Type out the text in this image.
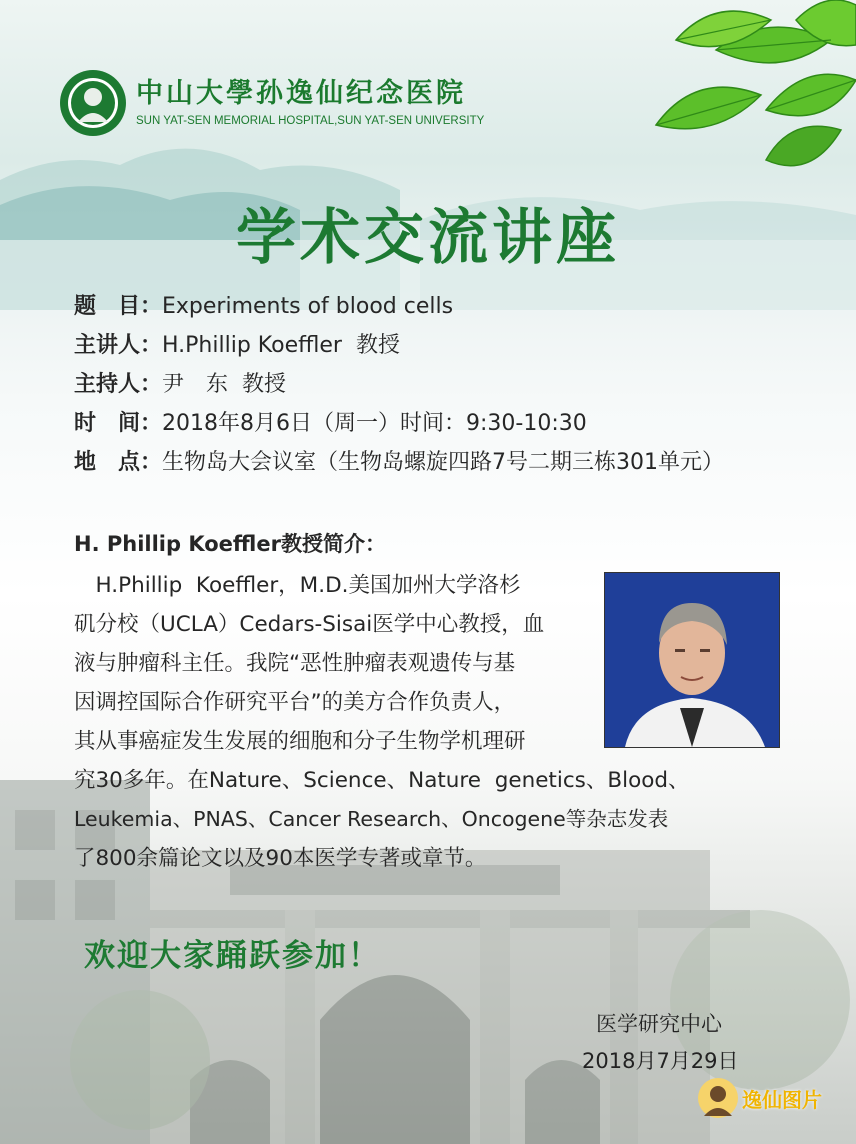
中山大學孙逸仙纪念医院
SUN YAT-SEN MEMORIAL HOSPITAL,SUN YAT-SEN UNIVERSITY
学术交流讲座
题　目：Experiments of blood cells
主讲人：H.Phillip Koeffler  教授
主持人：尹　东  教授
时　间：2018年8月6日（周一）时间：9:30-10:30
地　点：生物岛大会议室（生物岛螺旋四路7号二期三栋301单元）
H. Phillip Koeffler教授简介：
　H.Phillip  Koeffler，M.D.美国加州大学洛杉
矶分校（UCLA）Cedars-Sisai医学中心教授，血
液与肿瘤科主任。我院“恶性肿瘤表观遗传与基
因调控国际合作研究平台”的美方合作负责人，
其从事癌症发生发展的细胞和分子生物学机理研
究30多年。在Nature、Science、Nature  genetics、Blood、
Leukemia、PNAS、Cancer Research、Oncogene等杂志发表
了800余篇论文以及90本医学专著或章节。
欢迎大家踊跃参加！
医学研究中心
2018月7月29日
逸仙图片
